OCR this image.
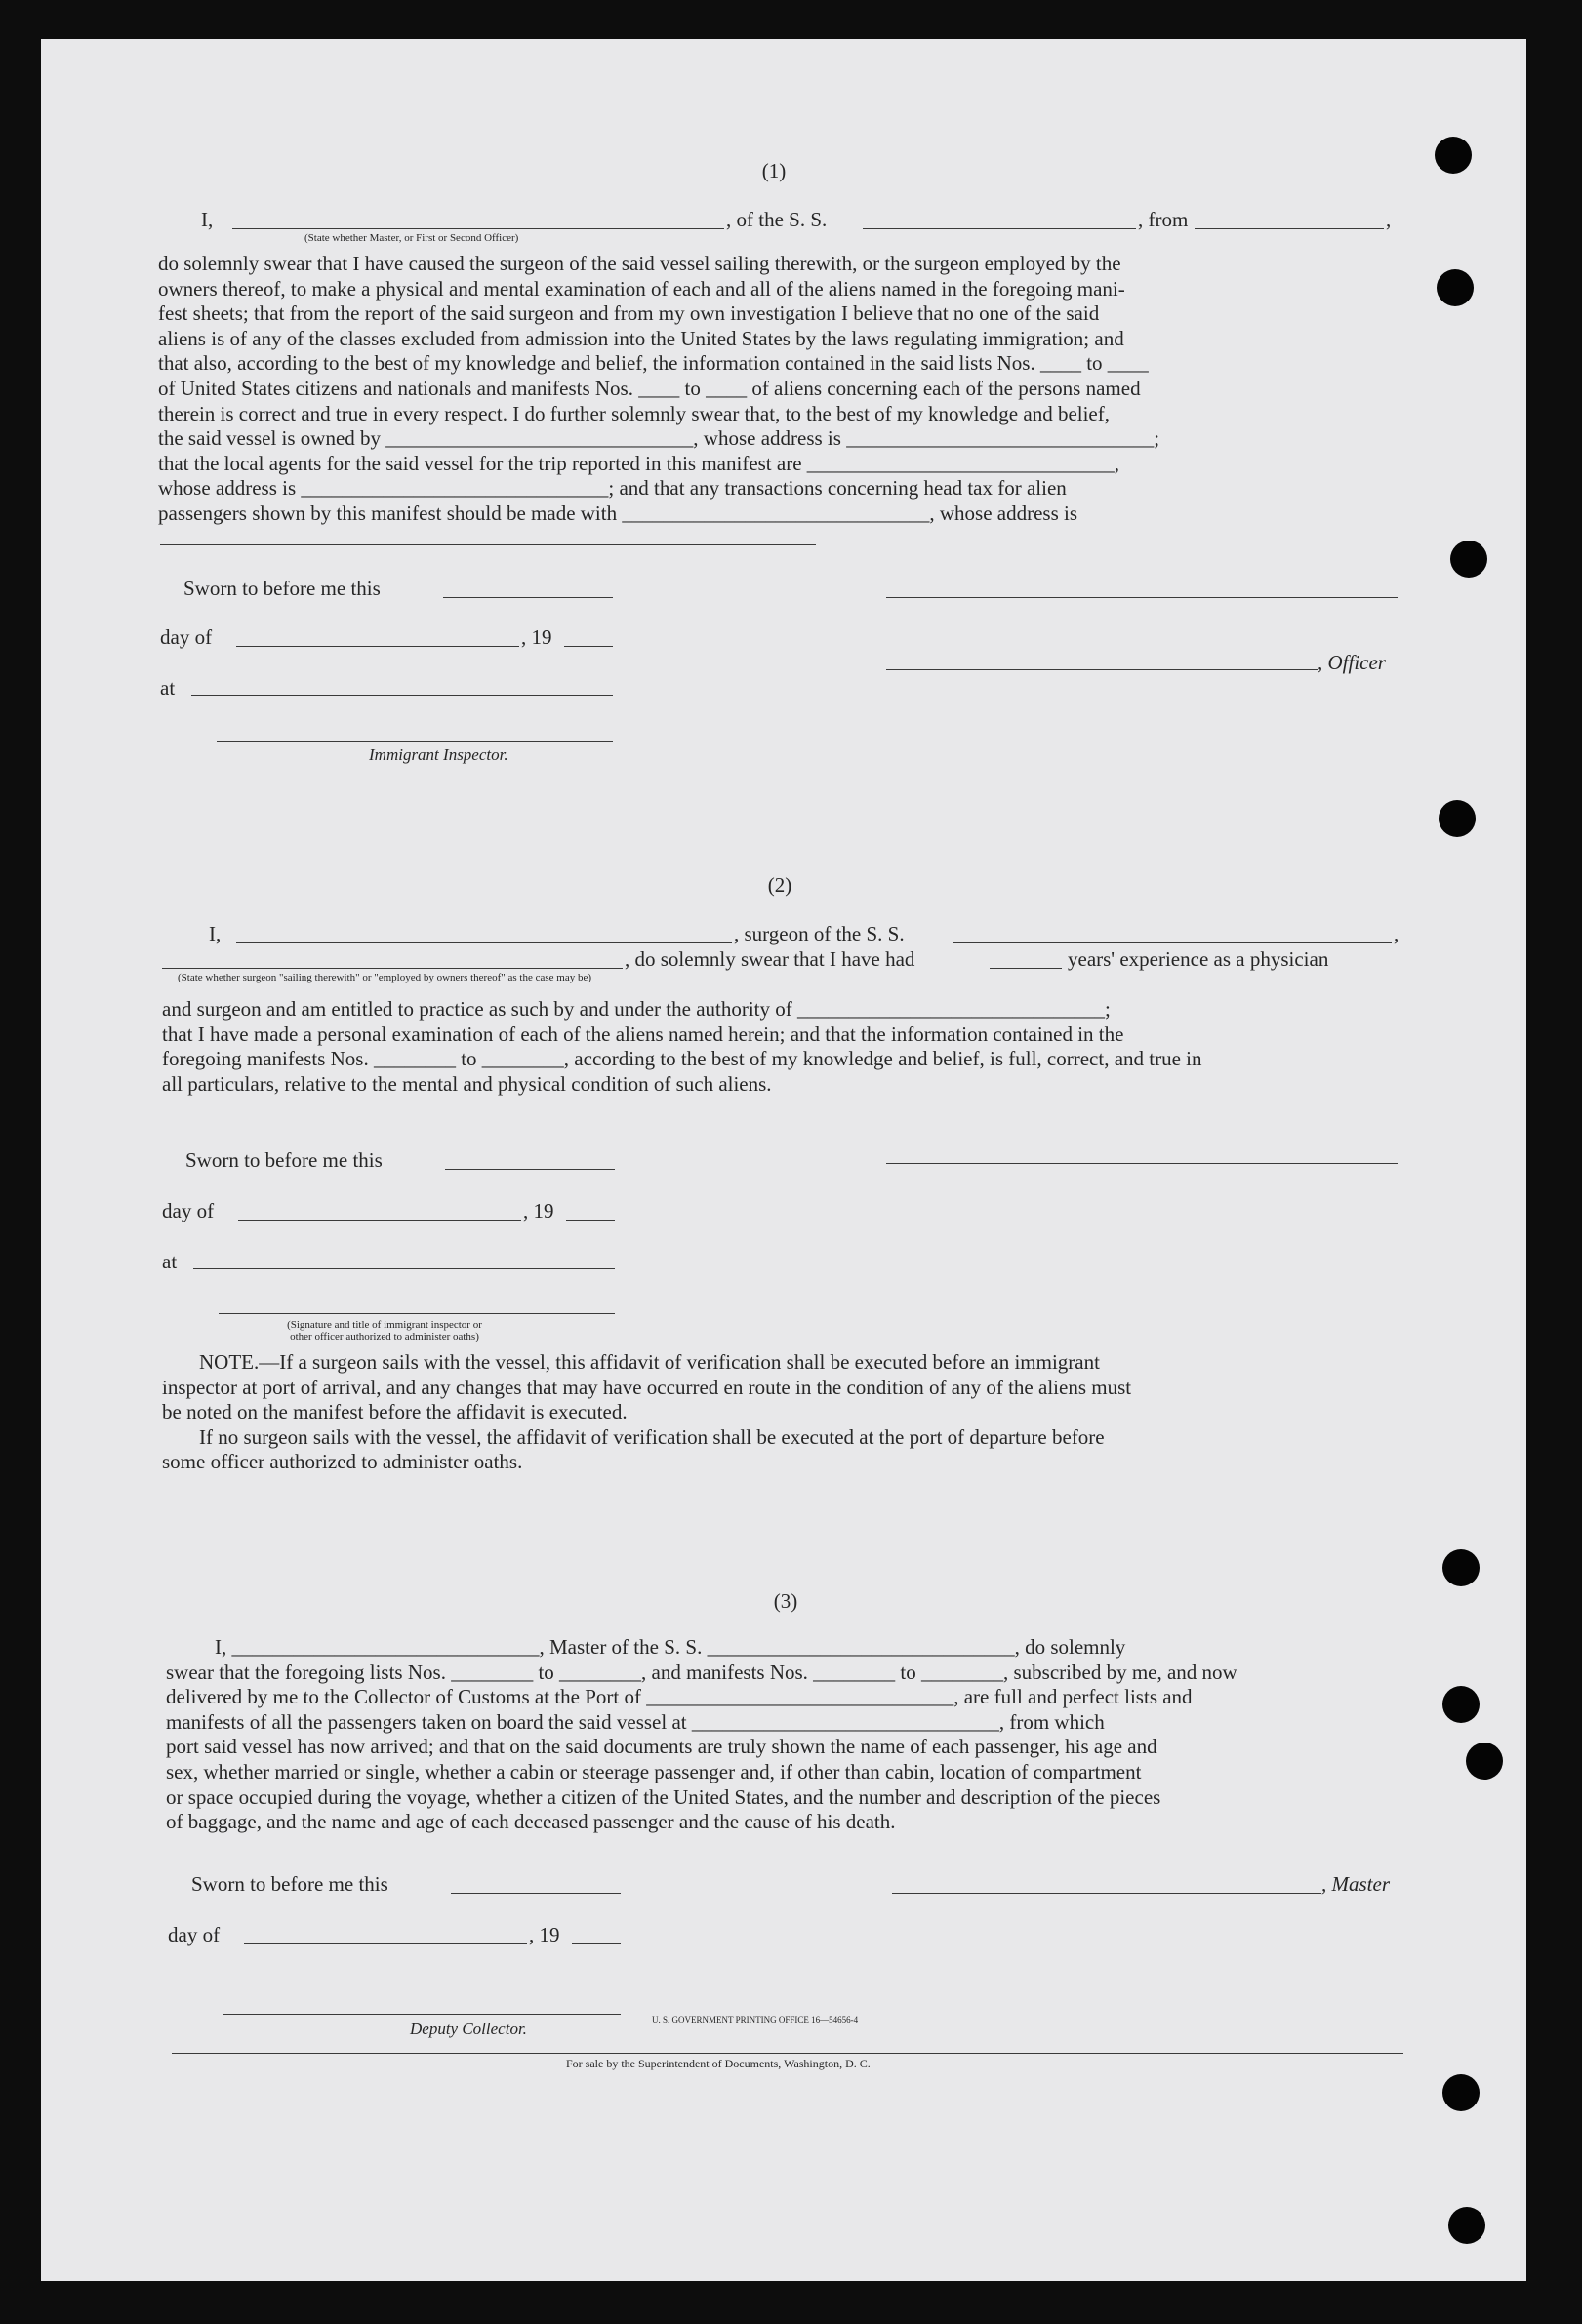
(1)
I,
(State whether Master, or First or Second Officer)
, of the S. S.	, from	,
do solemnly swear that I have caused the surgeon of the said vessel sailing therewith, or the surgeon employed by the
owners thereof, to make a physical and mental examination of each and all of the aliens named in the foregoing mani-
fest sheets; that from the report of the said surgeon and from my own investigation I believe that no one of the said
aliens is of any of the classes excluded from admission into the United States by the laws regulating immigration; and
that also, according to the best of my knowledge and belief, the information contained in the said lists Nos. ____ to ____
of United States citizens and nationals and manifests Nos. ____ to ____ of aliens concerning each of the persons named
therein is correct and true in every respect. I do further solemnly swear that, to the best of my knowledge and belief,
the said vessel is owned by ______________________________, whose address is ______________________________;
that the local agents for the said vessel for the trip reported in this manifest are ______________________________,
whose address is ______________________________; and that any transactions concerning head tax for alien
passengers shown by this manifest should be made with ______________________________, whose address is
Sworn to before me this
day of	, 19
, Officer
at
Immigrant Inspector.
(2)
I,	, surgeon of the S. S.	,
, do solemnly swear that I have had	years' experience as a physician
(State whether surgeon "sailing therewith" or "employed by owners thereof" as the case may be)
and surgeon and am entitled to practice as such by and under the authority of ______________________________;
that I have made a personal examination of each of the aliens named herein; and that the information contained in the
foregoing manifests Nos. ________ to ________, according to the best of my knowledge and belief, is full, correct, and true in
all particulars, relative to the mental and physical condition of such aliens.
Sworn to before me this
day of	, 19
at
(Signature and title of immigrant inspector or
other officer authorized to administer oaths)
NOTE.—If a surgeon sails with the vessel, this affidavit of verification shall be executed before an immigrant
inspector at port of arrival, and any changes that may have occurred en route in the condition of any of the aliens must
be noted on the manifest before the affidavit is executed.
If no surgeon sails with the vessel, the affidavit of verification shall be executed at the port of departure before
some officer authorized to administer oaths.
(3)
I, ______________________________, Master of the S. S. ______________________________, do solemnly
swear that the foregoing lists Nos. ________ to ________, and manifests Nos. ________ to ________, subscribed by me, and now
delivered by me to the Collector of Customs at the Port of ______________________________, are full and perfect lists and
manifests of all the passengers taken on board the said vessel at ______________________________, from which
port said vessel has now arrived; and that on the said documents are truly shown the name of each passenger, his age and
sex, whether married or single, whether a cabin or steerage passenger and, if other than cabin, location of compartment
or space occupied during the voyage, whether a citizen of the United States, and the number and description of the pieces
of baggage, and the name and age of each deceased passenger and the cause of his death.
Sworn to before me this	, Master
day of	, 19
Deputy Collector.	U. S. GOVERNMENT PRINTING OFFICE 16—54656-4
For sale by the Superintendent of Documents, Washington, D. C.
